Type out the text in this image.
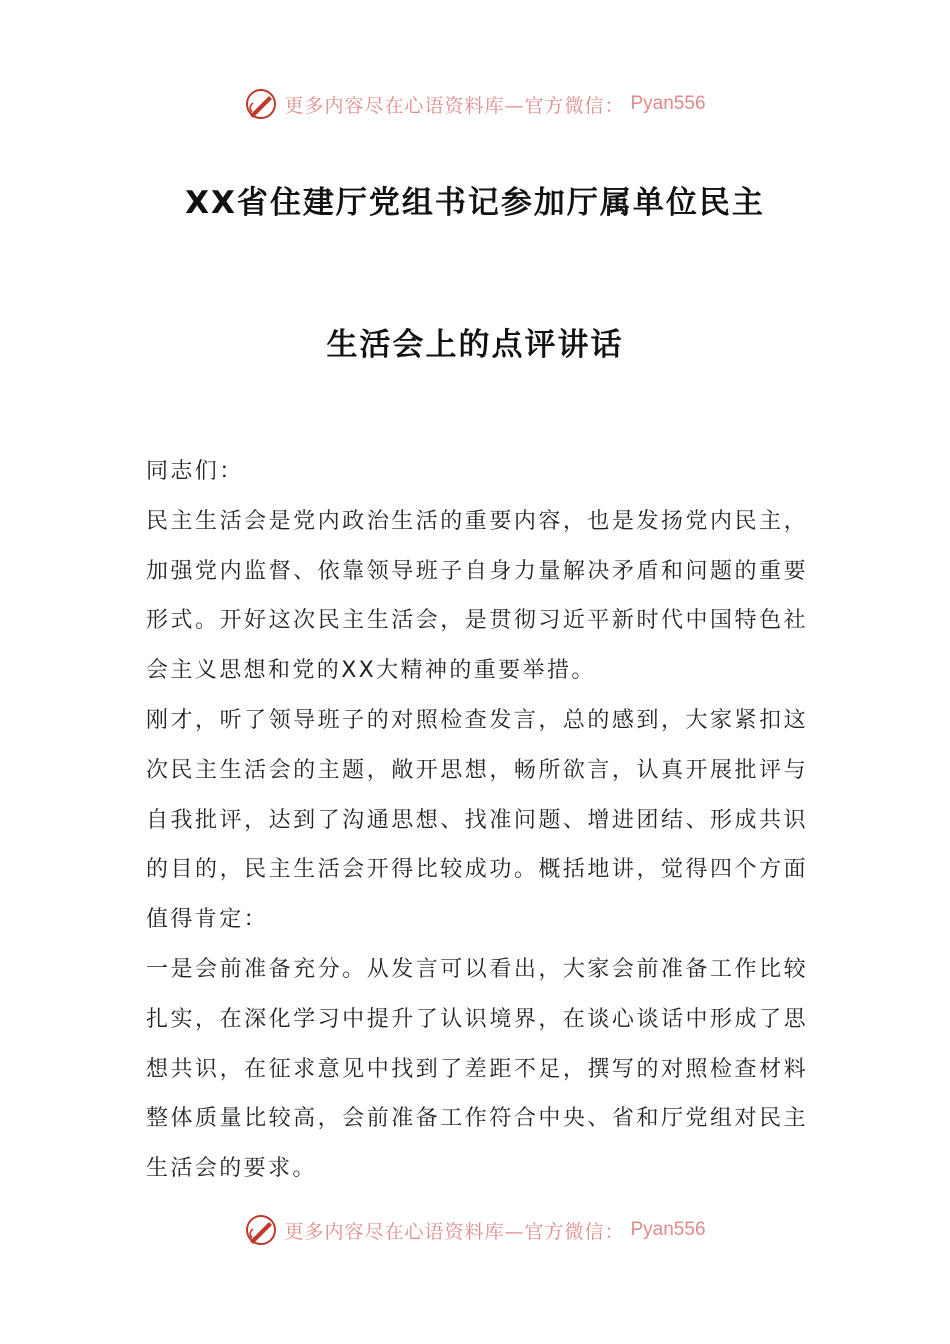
更多内容尽在心语资料库—官方微信： Pyan556
XX省住建厅党组书记参加厅属单位民主
生活会上的点评讲话

同志们：

民主生活会是党内政治生活的重要内容，也是发扬党内民主，加强党内监督、依靠领导班子自身力量解决矛盾和问题的重要形式。开好这次民主生活会，是贯彻习近平新时代中国特色社会主义思想和党的XX大精神的重要举措。

刚才，听了领导班子的对照检查发言，总的感到，大家紧扣这次民主生活会的主题，敞开思想，畅所欲言，认真开展批评与自我批评，达到了沟通思想、找准问题、增进团结、形成共识的目的，民主生活会开得比较成功。概括地讲，觉得四个方面值得肯定：

一是会前准备充分。从发言可以看出，大家会前准备工作比较扎实，在深化学习中提升了认识境界，在谈心谈话中形成了思想共识，在征求意见中找到了差距不足，撰写的对照检查材料整体质量比较高，会前准备工作符合中央、省和厅党组对民主生活会的要求。

更多内容尽在心语资料库—官方微信： Pyan556
